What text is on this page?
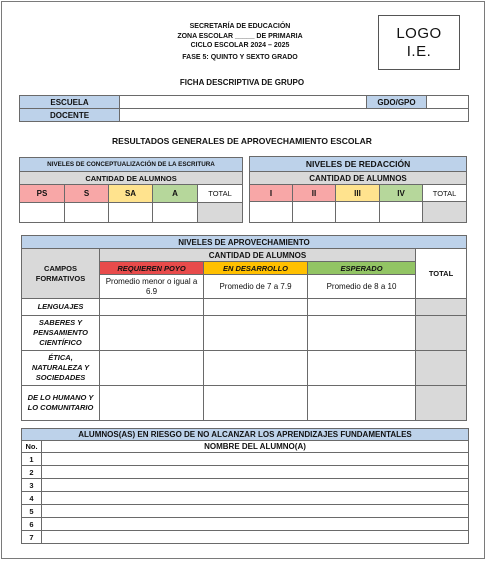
SECRETARÍA DE EDUCACIÓN
ZONA ESCOLAR _____ DE PRIMARIA
CICLO ESCOLAR 2024 – 2025
FASE 5: QUINTO Y SEXTO GRADO
LOGO
I.E.
FICHA DESCRIPTIVA DE GRUPO
ESCUELA		GDO/GPO	
DOCENTE			
RESULTADOS GENERALES DE APROVECHAMIENTO ESCOLAR
NIVELES DE CONCEPTUALIZACIÓN DE LA ESCRITURA				
CANTIDAD DE ALUMNOS				
PS	S	SA	A	TOTAL

NIVELES DE REDACCIÓN				
CANTIDAD DE ALUMNOS				
I	II	III	IV	TOTAL

NIVELES DE APROVECHAMIENTO				
CAMPOS FORMATIVOS	CANTIDAD DE ALUMNOS			TOTAL
	REQUIEREN POYO	EN DESARROLLO	ESPERADO	
	Promedio menor o igual a 6.9	Promedio de 7 a 7.9	Promedio de 8 a 10	
LENGUAJES				
SABERES Y PENSAMIENTO CIENTÍFICO				
ÉTICA, NATURALEZA Y SOCIEDADES				
DE LO HUMANO Y LO COMUNITARIO				
ALUMNOS(AS) EN RIESGO DE NO ALCANZAR LOS APRENDIZAJES FUNDAMENTALES	
No.	NOMBRE DEL ALUMNO(A)
1	
2	
3	
4	
5	
6	
7	
